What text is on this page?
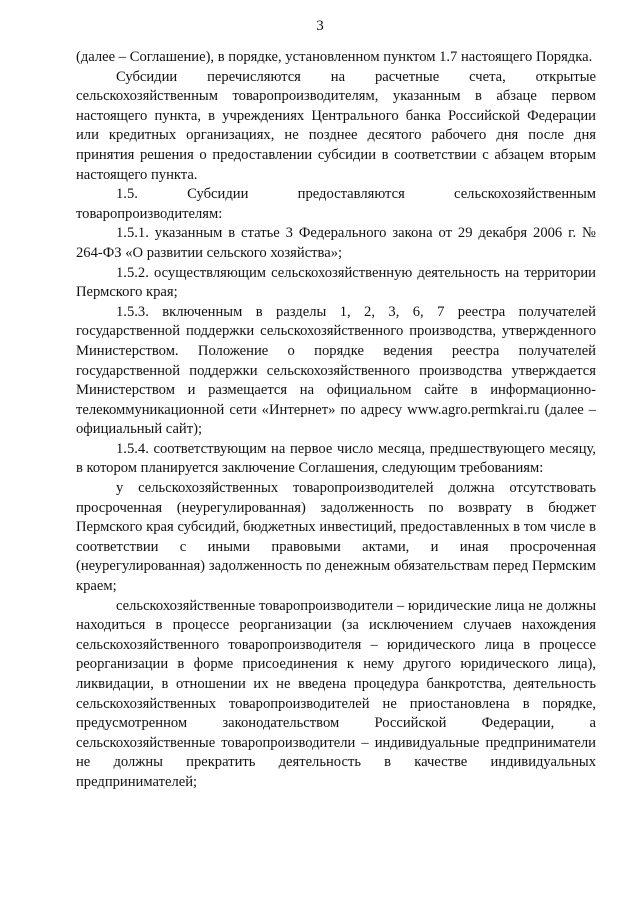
3

(далее – Соглашение), в порядке, установленном пунктом 1.7 настоящего Порядка.

Субсидии перечисляются на расчетные счета, открытые сельскохозяйственным товаропроизводителям, указанным в абзаце первом настоящего пункта, в учреждениях Центрального банка Российской Федерации или кредитных организациях, не позднее десятого рабочего дня после дня принятия решения о предоставлении субсидии в соответствии с абзацем вторым настоящего пункта.

1.5. Субсидии предоставляются сельскохозяйственным товаропроизводителям:

1.5.1. указанным в статье 3 Федерального закона от 29 декабря 2006 г. № 264-ФЗ «О развитии сельского хозяйства»;

1.5.2. осуществляющим сельскохозяйственную деятельность на территории Пермского края;

1.5.3. включенным в разделы 1, 2, 3, 6, 7 реестра получателей государственной поддержки сельскохозяйственного производства, утвержденного Министерством. Положение о порядке ведения реестра получателей государственной поддержки сельскохозяйственного производства утверждается Министерством и размещается на официальном сайте в информационно-телекоммуникационной сети «Интернет» по адресу www.agro.permkrai.ru (далее – официальный сайт);

1.5.4. соответствующим на первое число месяца, предшествующего месяцу, в котором планируется заключение Соглашения, следующим требованиям:

у сельскохозяйственных товаропроизводителей должна отсутствовать просроченная (неурегулированная) задолженность по возврату в бюджет Пермского края субсидий, бюджетных инвестиций, предоставленных в том числе в соответствии с иными правовыми актами, и иная просроченная (неурегулированная) задолженность по денежным обязательствам перед Пермским краем;

сельскохозяйственные товаропроизводители – юридические лица не должны находиться в процессе реорганизации (за исключением случаев нахождения сельскохозяйственного товаропроизводителя – юридического лица в процессе реорганизации в форме присоединения к нему другого юридического лица), ликвидации, в отношении их не введена процедура банкротства, деятельность сельскохозяйственных товаропроизводителей не приостановлена в порядке, предусмотренном законодательством Российской Федерации, а сельскохозяйственные товаропроизводители – индивидуальные предприниматели не должны прекратить деятельность в качестве индивидуальных предпринимателей;
